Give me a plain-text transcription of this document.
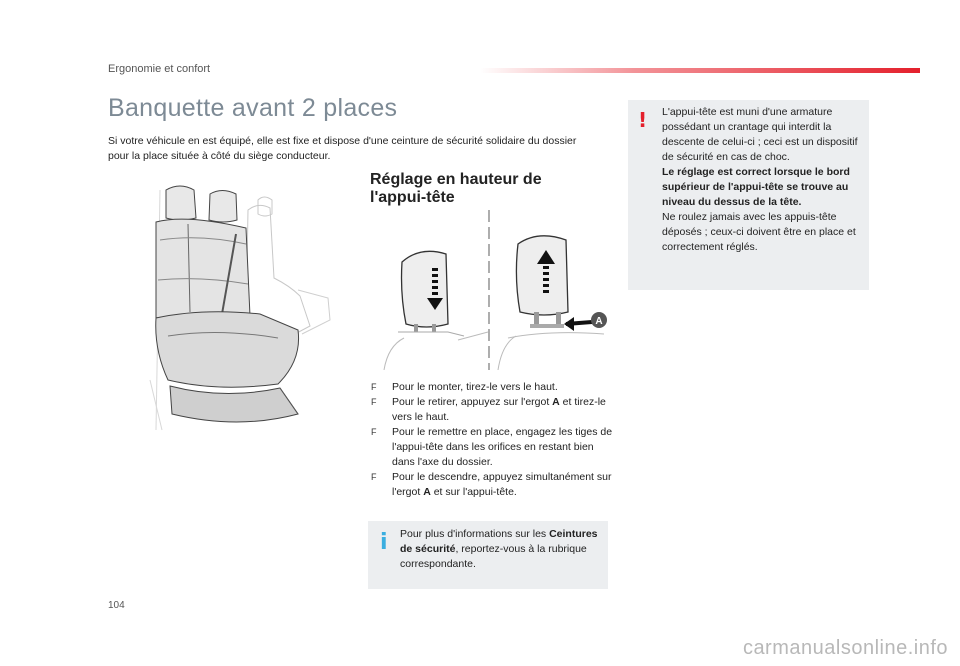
Ergonomie et confort
Banquette avant 2 places

Si votre véhicule en est équipé, elle est fixe et dispose d'une ceinture de sécurité solidaire du dossier pour la place située à côté du siège conducteur.

Réglage en hauteur de
l'appui-tête
A
F Pour le monter, tirez-le vers le haut.
F Pour le retirer, appuyez sur l'ergot A et tirez-le vers le haut.
F Pour le remettre en place, engagez les tiges de l'appui-tête dans les orifices en restant bien dans l'axe du dossier.
F Pour le descendre, appuyez simultanément sur l'ergot A et sur l'appui-tête.
i Pour plus d'informations sur les Ceintures de sécurité, reportez-vous à la rubrique correspondante.
! L'appui-tête est muni d'une armature possédant un crantage qui interdit la descente de celui-ci ; ceci est un dispositif de sécurité en cas de choc.
Le réglage est correct lorsque le bord supérieur de l'appui-tête se trouve au niveau du dessus de la tête.
Ne roulez jamais avec les appuis-tête déposés ; ceux-ci doivent être en place et correctement réglés.
104
carmanualsonline.info
